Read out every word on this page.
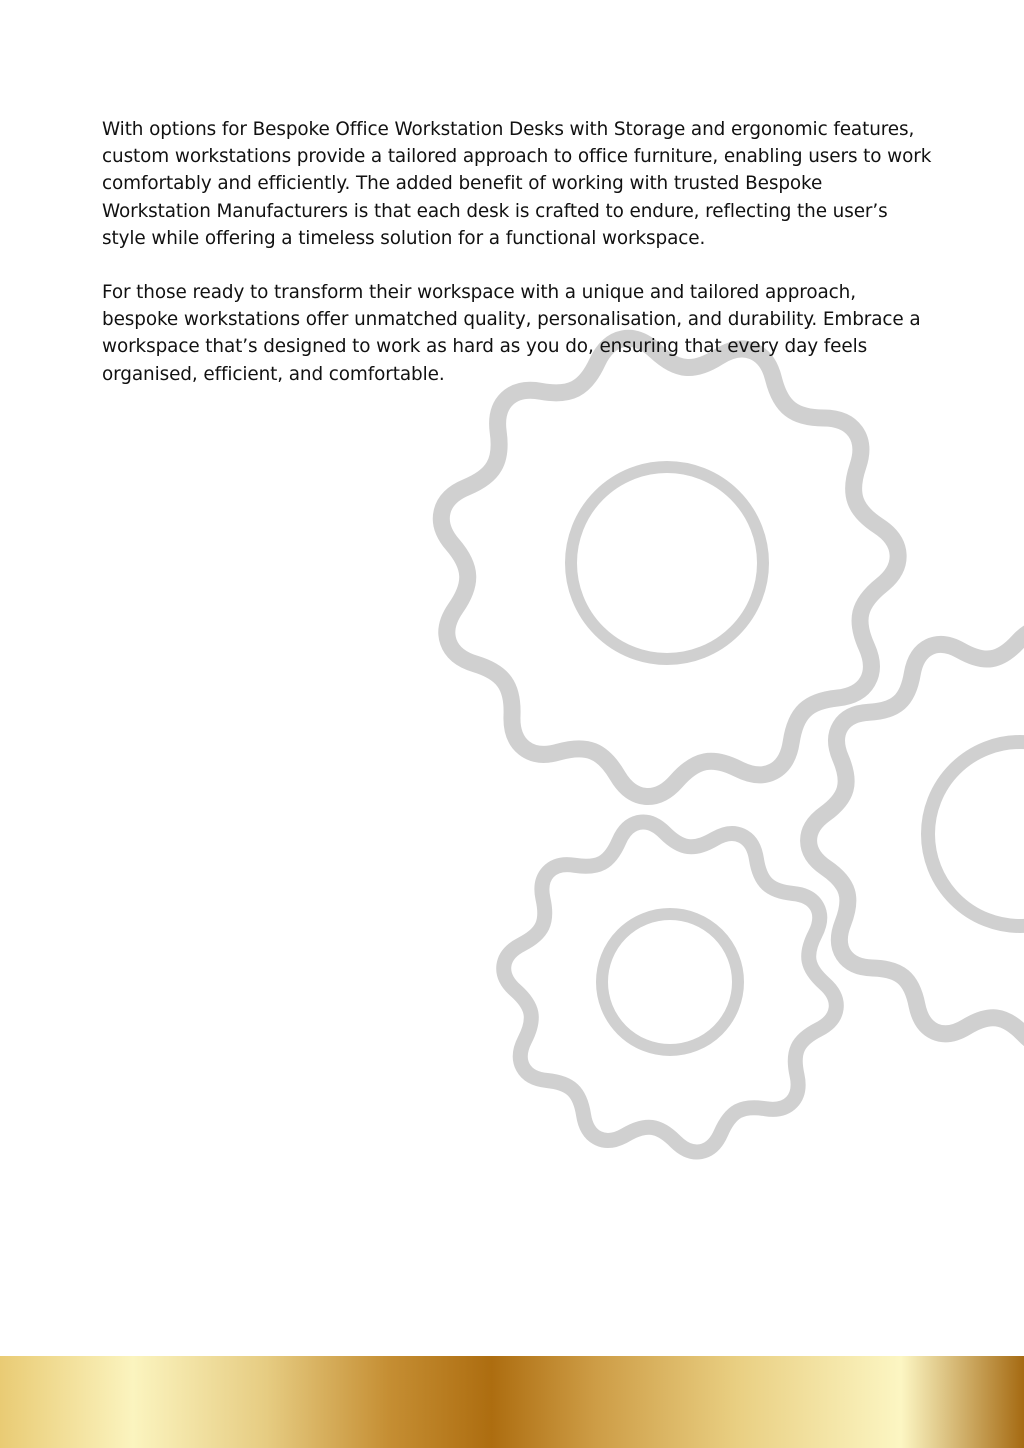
With options for Bespoke Office Workstation Desks with Storage and ergonomic features, custom workstations provide a tailored approach to office furniture, enabling users to work comfortably and efficiently. The added benefit of working with trusted Bespoke Workstation Manufacturers is that each desk is crafted to endure, reflecting the user’s style while offering a timeless solution for a functional workspace.

For those ready to transform their workspace with a unique and tailored approach, bespoke workstations offer unmatched quality, personalisation, and durability. Embrace a workspace that’s designed to work as hard as you do, ensuring that every day feels organised, efficient, and comfortable.
